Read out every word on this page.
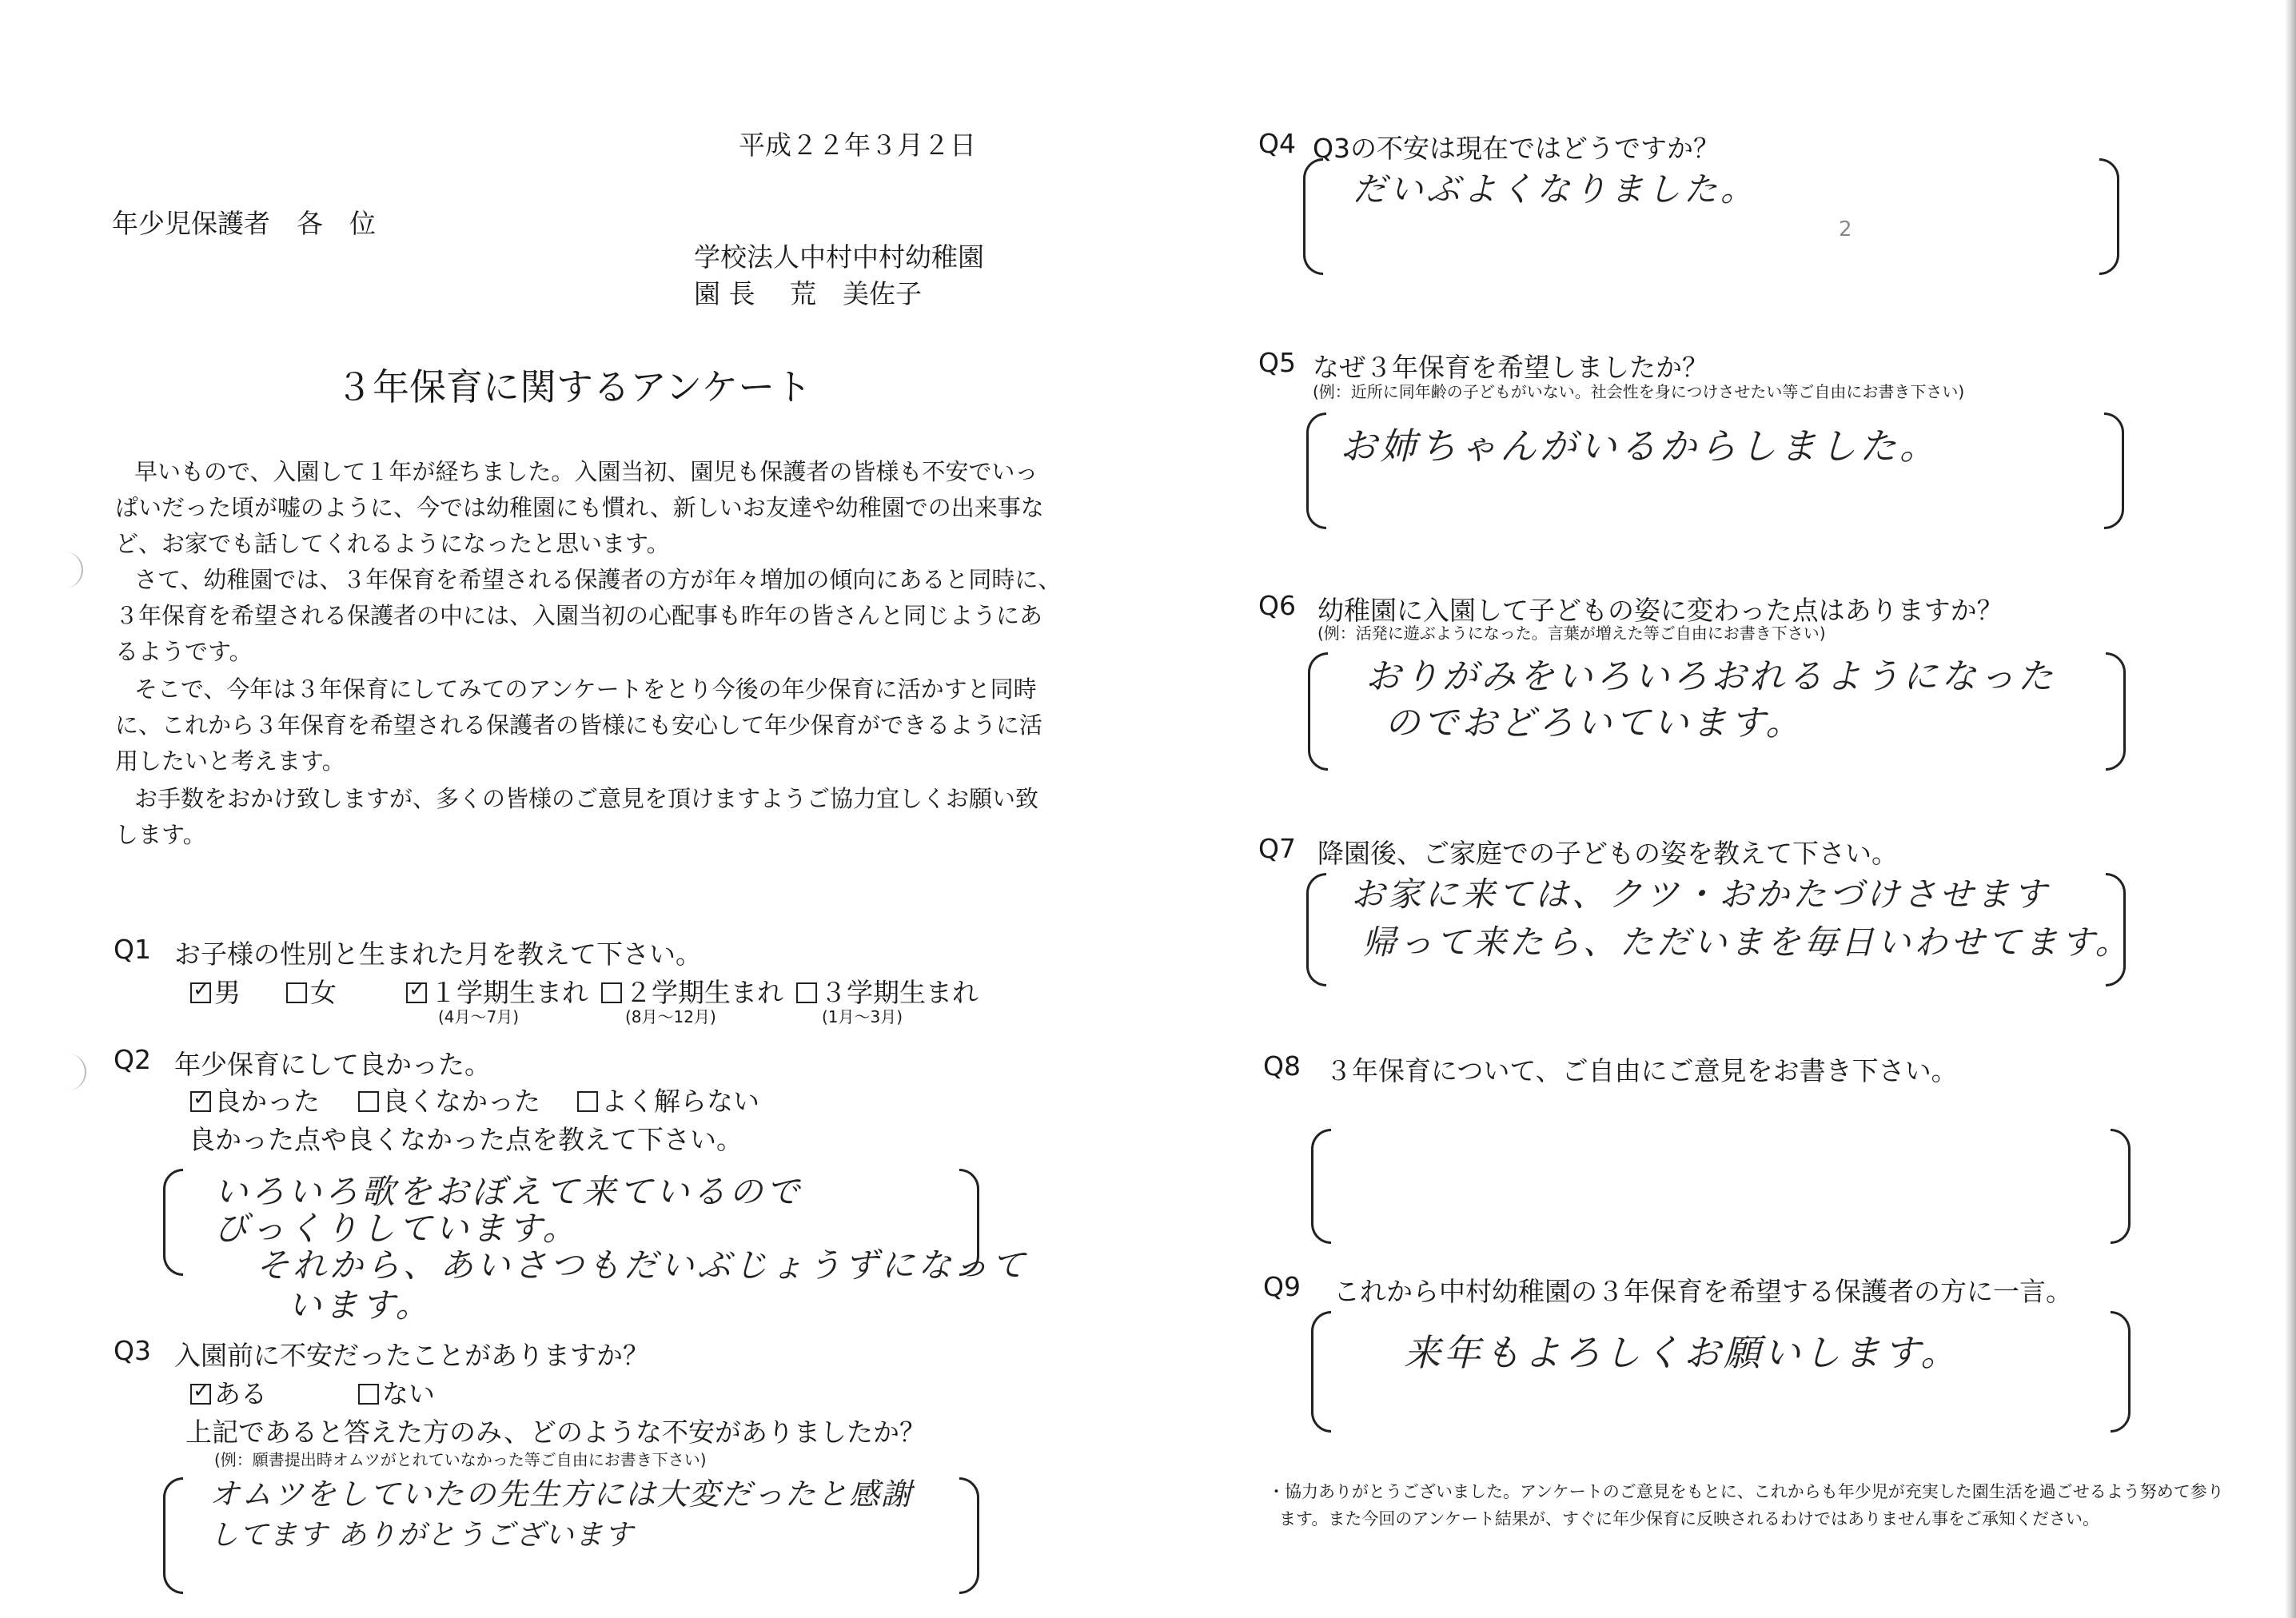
平成２２年３月２日
年少児保護者　各　位
学校法人中村中村幼稚園
園 長　 荒　美佐子
３年保育に関するアンケート
早いもので、入園して１年が経ちました。入園当初、園児も保護者の皆様も不安でいっ
ぱいだった頃が嘘のように、今では幼稚園にも慣れ、新しいお友達や幼稚園での出来事な
ど、お家でも話してくれるようになったと思います。
さて、幼稚園では、３年保育を希望される保護者の方が年々増加の傾向にあると同時に、
３年保育を希望される保護者の中には、入園当初の心配事も昨年の皆さんと同じようにあ
るようです。
そこで、今年は３年保育にしてみてのアンケートをとり今後の年少保育に活かすと同時
に、これから３年保育を希望される保護者の皆様にも安心して年少保育ができるように活
用したいと考えます。
お手数をおかけ致しますが、多くの皆様のご意見を頂けますようご協力宜しくお願い致
します。
Q1 お子様の性別と生まれた月を教えて下さい。
✓男	女
✓	１学期生まれ
(4月～7月)
２学期生まれ
(8月～12月)
３学期生まれ
(1月～3月)
Q2 年少保育にして良かった。
✓良かった	良くなかった	よく解らない
良かった点や良くなかった点を教えて下さい。
いろいろ歌をおぼえて来ているので
びっくりしています。
それから、あいさつもだいぶじょうずになって
います。
Q3 入園前に不安だったことがありますか？
✓ある	ない
上記であると答えた方のみ、どのような不安がありましたか？
(例：願書提出時オムツがとれていなかった等ご自由にお書き下さい)
オムツをしていたの先生方には大変だったと感謝
してます ありがとうございます
Q4 Q3の不安は現在ではどうですか？
だいぶよくなりました。
2
Q5 なぜ３年保育を希望しましたか？
(例：近所に同年齢の子どもがいない。社会性を身につけさせたい等ご自由にお書き下さい)
お姉ちゃんがいるからしました。
Q6 幼稚園に入園して子どもの姿に変わった点はありますか？
(例：活発に遊ぶようになった。言葉が増えた等ご自由にお書き下さい)
おりがみをいろいろおれるようになった
のでおどろいています。
Q7 降園後、ご家庭での子どもの姿を教えて下さい。
お家に来ては、クツ・おかたづけさせます
帰って来たら、ただいまを毎日いわせてます。
Q8 ３年保育について、ご自由にご意見をお書き下さい。
Q9 これから中村幼稚園の３年保育を希望する保護者の方に一言。
来年もよろしくお願いします。
・協力ありがとうございました。アンケートのご意見をもとに、これからも年少児が充実した園生活を過ごせるよう努めて参り
ます。また今回のアンケート結果が、すぐに年少保育に反映されるわけではありません事をご承知ください。
